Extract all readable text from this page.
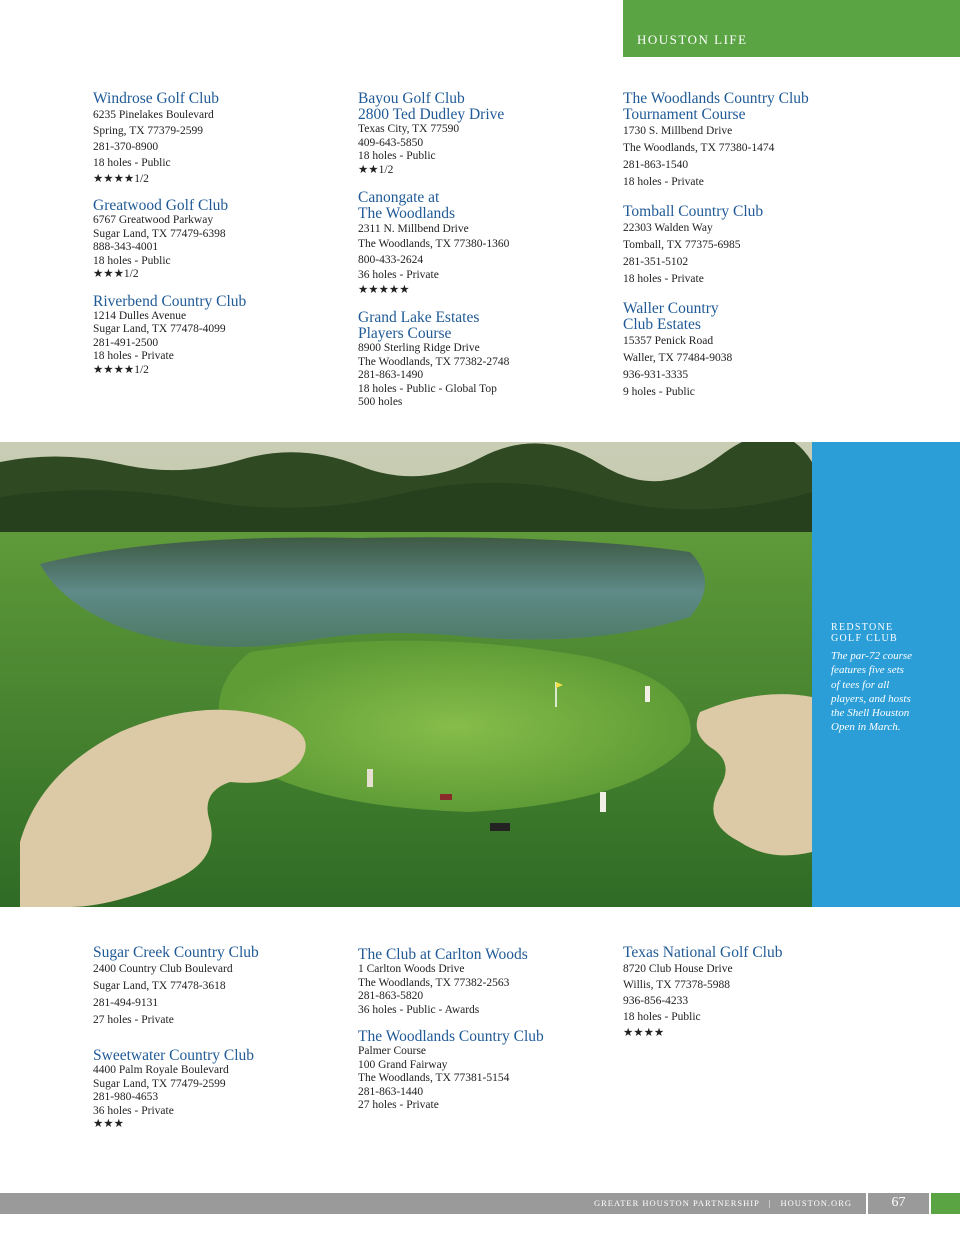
HOUSTON LIFE
Windrose Golf Club
6235 Pinelakes Boulevard
Spring, TX 77379-2599
281-370-8900
18 holes - Public
★★★★1/2
Greatwood Golf Club
6767 Greatwood Parkway
Sugar Land, TX 77479-6398
888-343-4001
18 holes - Public
★★★1/2
Riverbend Country Club
1214 Dulles Avenue
Sugar Land, TX 77478-4099
281-491-2500
18 holes - Private
★★★★1/2
Bayou Golf Club
2800 Ted Dudley Drive
Texas City, TX 77590
409-643-5850
18 holes - Public
★★1/2
Canongate at
The Woodlands
2311 N. Millbend Drive
The Woodlands, TX 77380-1360
800-433-2624
36 holes - Private
★★★★★
Grand Lake Estates
Players Course
8900 Sterling Ridge Drive
The Woodlands, TX 77382-2748
281-863-1490
18 holes - Public - Global Top
500 holes
The Woodlands Country Club
Tournament Course
1730 S. Millbend Drive
The Woodlands, TX 77380-1474
281-863-1540
18 holes - Private
Tomball Country Club
22303 Walden Way
Tomball, TX 77375-6985
281-351-5102
18 holes - Private
Waller Country
Club Estates
15357 Penick Road
Waller, TX 77484-9038
936-931-3335
9 holes - Public
REDSTONE
GOLF CLUB
The par-72 course
features five sets
of tees for all
players, and hosts
the Shell Houston
Open in March.
Sugar Creek Country Club
2400 Country Club Boulevard
Sugar Land, TX 77478-3618
281-494-9131
27 holes - Private
Sweetwater Country Club
4400 Palm Royale Boulevard
Sugar Land, TX 77479-2599
281-980-4653
36 holes - Private
★★★
The Club at Carlton Woods
1 Carlton Woods Drive
The Woodlands, TX 77382-2563
281-863-5820
36 holes - Public - Awards
The Woodlands Country Club
Palmer Course
100 Grand Fairway
The Woodlands, TX 77381-5154
281-863-1440
27 holes - Private
Texas National Golf Club
8720 Club House Drive
Willis, TX 77378-5988
936-856-4233
18 holes - Public
★★★★
GREATER HOUSTON PARTNERSHIP | HOUSTON.ORG	67
